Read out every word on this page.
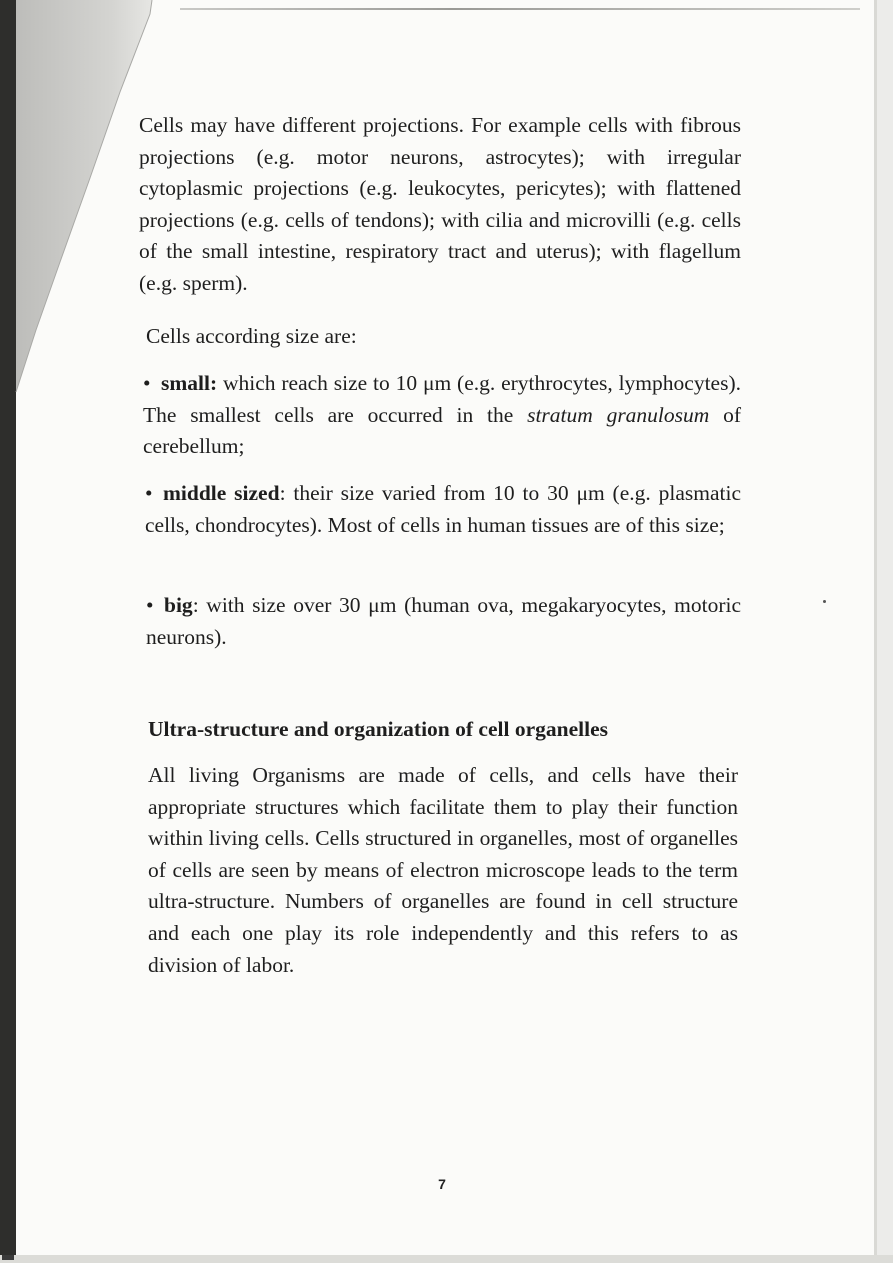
Cells may have different projections. For example cells with fibrous projections (e.g. motor neurons, astrocytes); with irregular cytoplasmic projections (e.g. leukocytes, pericytes); with flattened projections (e.g. cells of tendons); with cilia and microvilli (e.g. cells of the small intestine, respiratory tract and uterus); with flagellum (e.g. sperm).

Cells according size are:

• small: which reach size to 10 μm (e.g. erythrocytes, lymphocytes). The smallest cells are occurred in the stratum granulosum of cerebellum;

• middle sized: their size varied from 10 to 30 μm (e.g. plasmatic cells, chondrocytes). Most of cells in human tissues are of this size;

• big: with size over 30 μm (human ova, megakaryocytes, motoric neurons).

Ultra-structure and organization of cell organelles

All living Organisms are made of cells, and cells have their appropriate structures which facilitate them to play their function within living cells. Cells structured in organelles, most of organelles of cells are seen by means of electron microscope leads to the term ultra-structure. Numbers of organelles are found in cell structure and each one play its role independently and this refers to as division of labor.

7
